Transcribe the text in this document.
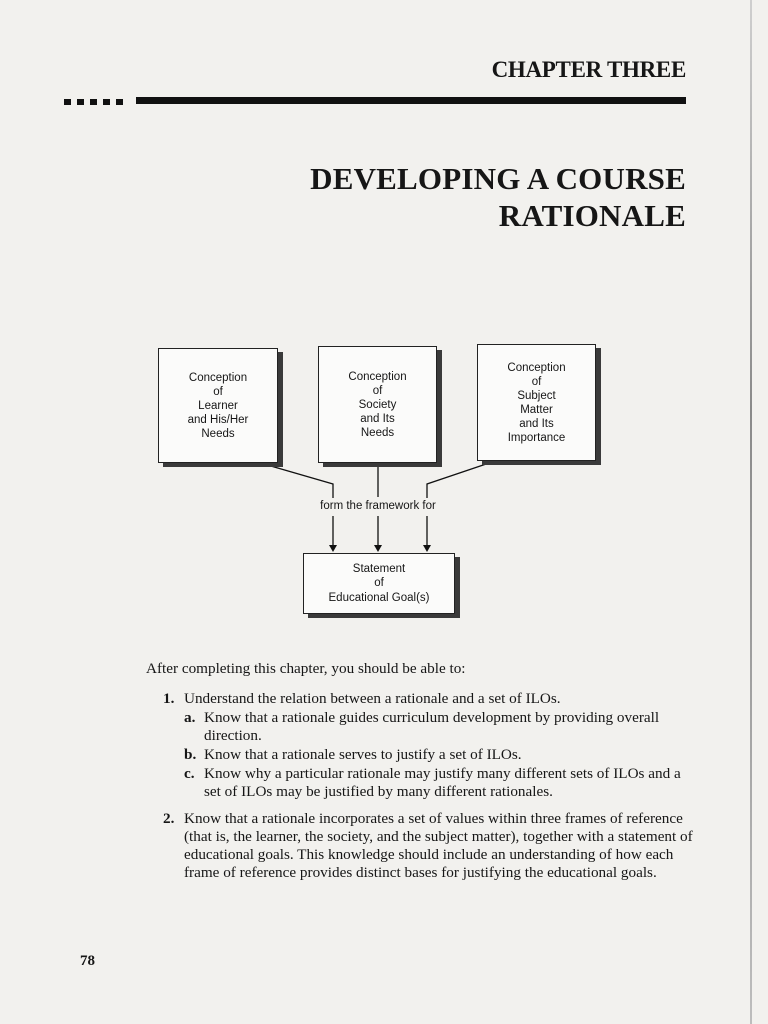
CHAPTER THREE
DEVELOPING A COURSE
RATIONALE
Conception
of
Learner
and His/Her
Needs
Conception
of
Society
and Its
Needs
Conception
of
Subject
Matter
and Its
Importance
form the framework for
Statement
of
Educational Goal(s)

After completing this chapter, you should be able to:

1. Understand the relation between a rationale and a set of ILOs.
a. Know that a rationale guides curriculum development by providing overall direction.
b. Know that a rationale serves to justify a set of ILOs.
c. Know why a particular rationale may justify many different sets of ILOs and a set of ILOs may be justified by many different rationales.
2. Know that a rationale incorporates a set of values within three frames of reference (that is, the learner, the society, and the subject matter), together with a statement of educational goals. This knowledge should include an understanding of how each frame of reference provides distinct bases for justifying the educational goals.
78
